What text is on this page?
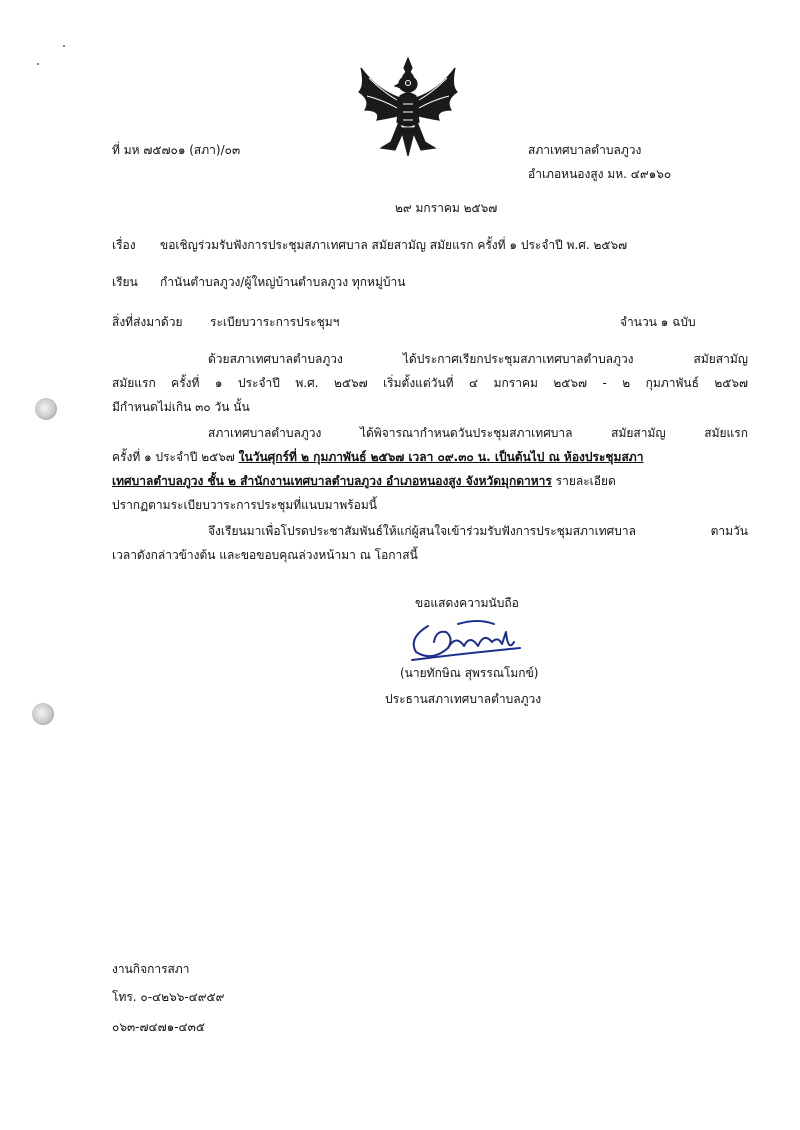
ที่ มห ๗๕๗๐๑ (สภา)/๐๓	สภาเทศบาลตำบลภูวง
อำเภอหนองสูง มห. ๔๙๑๖๐
๒๙ มกราคม ๒๕๖๗
เรื่อง ขอเชิญร่วมรับฟังการประชุมสภาเทศบาล สมัยสามัญ สมัยแรก ครั้งที่ ๑ ประจำปี พ.ศ. ๒๕๖๗
เรียน กำนันตำบลภูวง/ผู้ใหญ่บ้านตำบลภูวง ทุกหมู่บ้าน
สิ่งที่ส่งมาด้วย ระเบียบวาระการประชุมฯ	จำนวน ๑ ฉบับ
ด้วยสภาเทศบาลตำบลภูวง ได้ประกาศเรียกประชุมสภาเทศบาลตำบลภูวง สมัยสามัญ
สมัยแรก ครั้งที่ ๑ ประจำปี พ.ศ. ๒๕๖๗ เริ่มตั้งแต่วันที่ ๔ มกราคม ๒๕๖๗ - ๒ กุมภาพันธ์ ๒๕๖๗
มีกำหนดไม่เกิน ๓๐ วัน นั้น
สภาเทศบาลตำบลภูวง ได้พิจารณากำหนดวันประชุมสภาเทศบาล สมัยสามัญ สมัยแรก
ครั้งที่ ๑ ประจำปี ๒๕๖๗ ในวันศุกร์ที่ ๒ กุมภาพันธ์ ๒๕๖๗ เวลา ๐๙.๓๐ น. เป็นต้นไป ณ ห้องประชุมสภา
เทศบาลตำบลภูวง ชั้น ๒ สำนักงานเทศบาลตำบลภูวง อำเภอหนองสูง จังหวัดมุกดาหาร รายละเอียด
ปรากฏตามระเบียบวาระการประชุมที่แนบมาพร้อมนี้
จึงเรียนมาเพื่อโปรดประชาสัมพันธ์ให้แก่ผู้สนใจเข้าร่วมรับฟังการประชุมสภาเทศบาล ตามวัน
เวลาดังกล่าวข้างต้น และขอขอบคุณล่วงหน้ามา ณ โอกาสนี้
ขอแสดงความนับถือ
(นายทักษิณ สุพรรณโมกข์)
ประธานสภาเทศบาลตำบลภูวง
งานกิจการสภา
โทร. ๐-๔๒๖๖-๔๙๕๙
๐๖๓-๗๔๗๑-๔๓๕
